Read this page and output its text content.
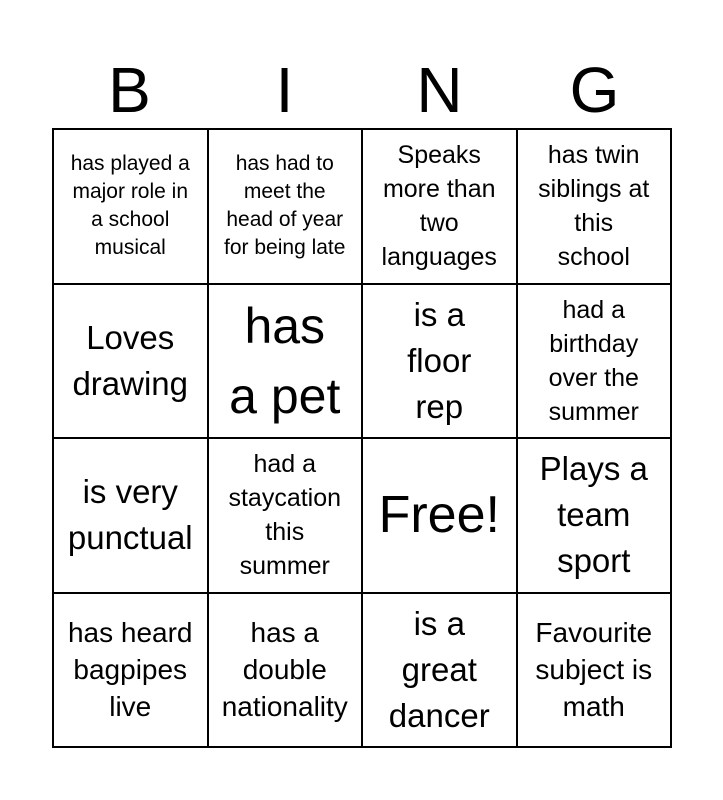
B	I	N	G
has played a
major role in
a school
musical
has had to
meet the
head of year
for being late
Speaks
more than
two
languages
has twin
siblings at
this
school
Loves
drawing
has
a pet
is a
floor
rep
had a
birthday
over the
summer
is very
punctual
had a
staycation
this
summer
Free!
Plays a
team
sport
has heard
bagpipes
live
has a
double
nationality
is a
great
dancer
Favourite
subject is
math
